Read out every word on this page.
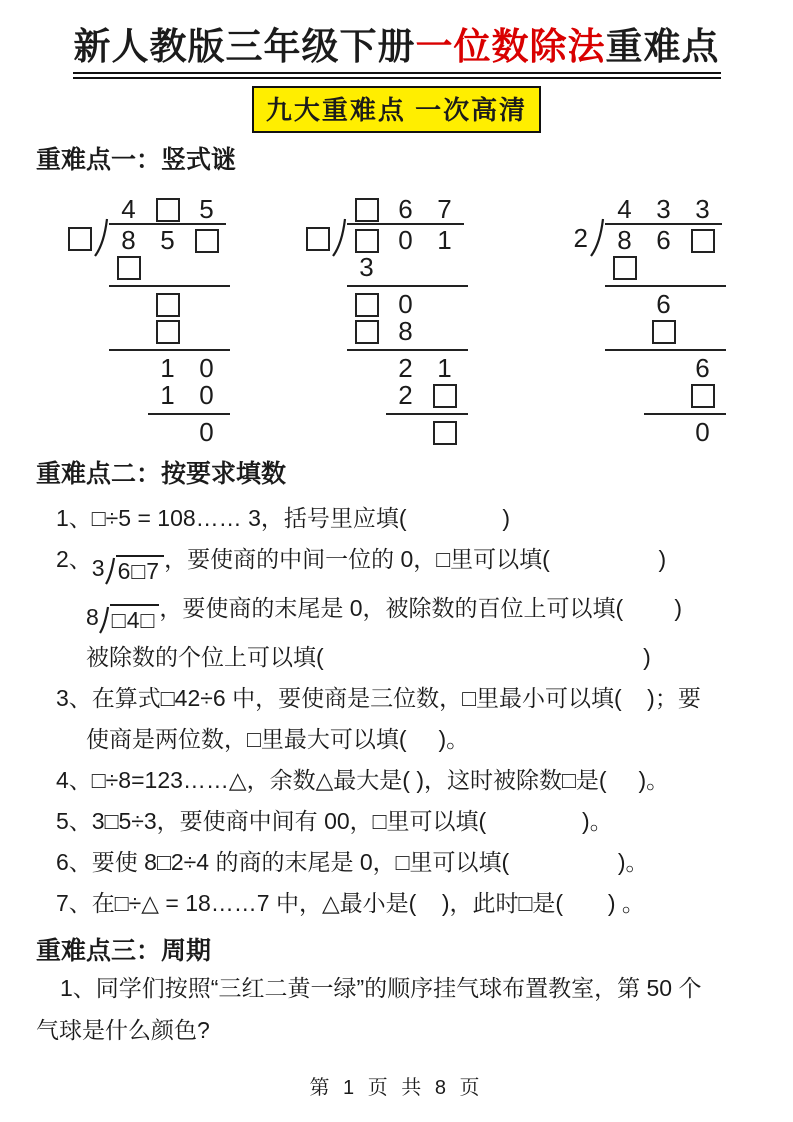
新人教版三年级下册一位数除法重难点
九大重难点 一次高清
重难点一：竖式谜
4	5
8 5
1 0
1 0
0
6 7
0 1
3
0
8
2 1
2
4 3 3
2	8 6
6
6
0
重难点二：按要求填数
1、□÷5 = 108…… 3，括号里应填(               )
2、 3 6□7 ，要使商的中间一位的 0，□里可以填(                 )
8 □4□ ，要使商的末尾是 0，被除数的百位上可以填(        )
被除数的个位上可以填(                                                  )
3、在算式□42÷6 中，要使商是三位数，□里最小可以填(    )；要
使商是两位数，□里最大可以填(     )。
4、□÷8=123……△，余数△最大是( )，这时被除数□是(     )。
5、3□5÷3，要使商中间有 00，□里可以填(               )。
6、要使 8□2÷4 的商的末尾是 0，□里可以填(                 )。
7、在□÷△ = 18……7 中，△最小是(    )，此时□是(       ) 。
重难点三：周期
1、同学们按照“三红二黄一绿”的顺序挂气球布置教室，第 50 个
气球是什么颜色?
第 1 页 共 8 页
